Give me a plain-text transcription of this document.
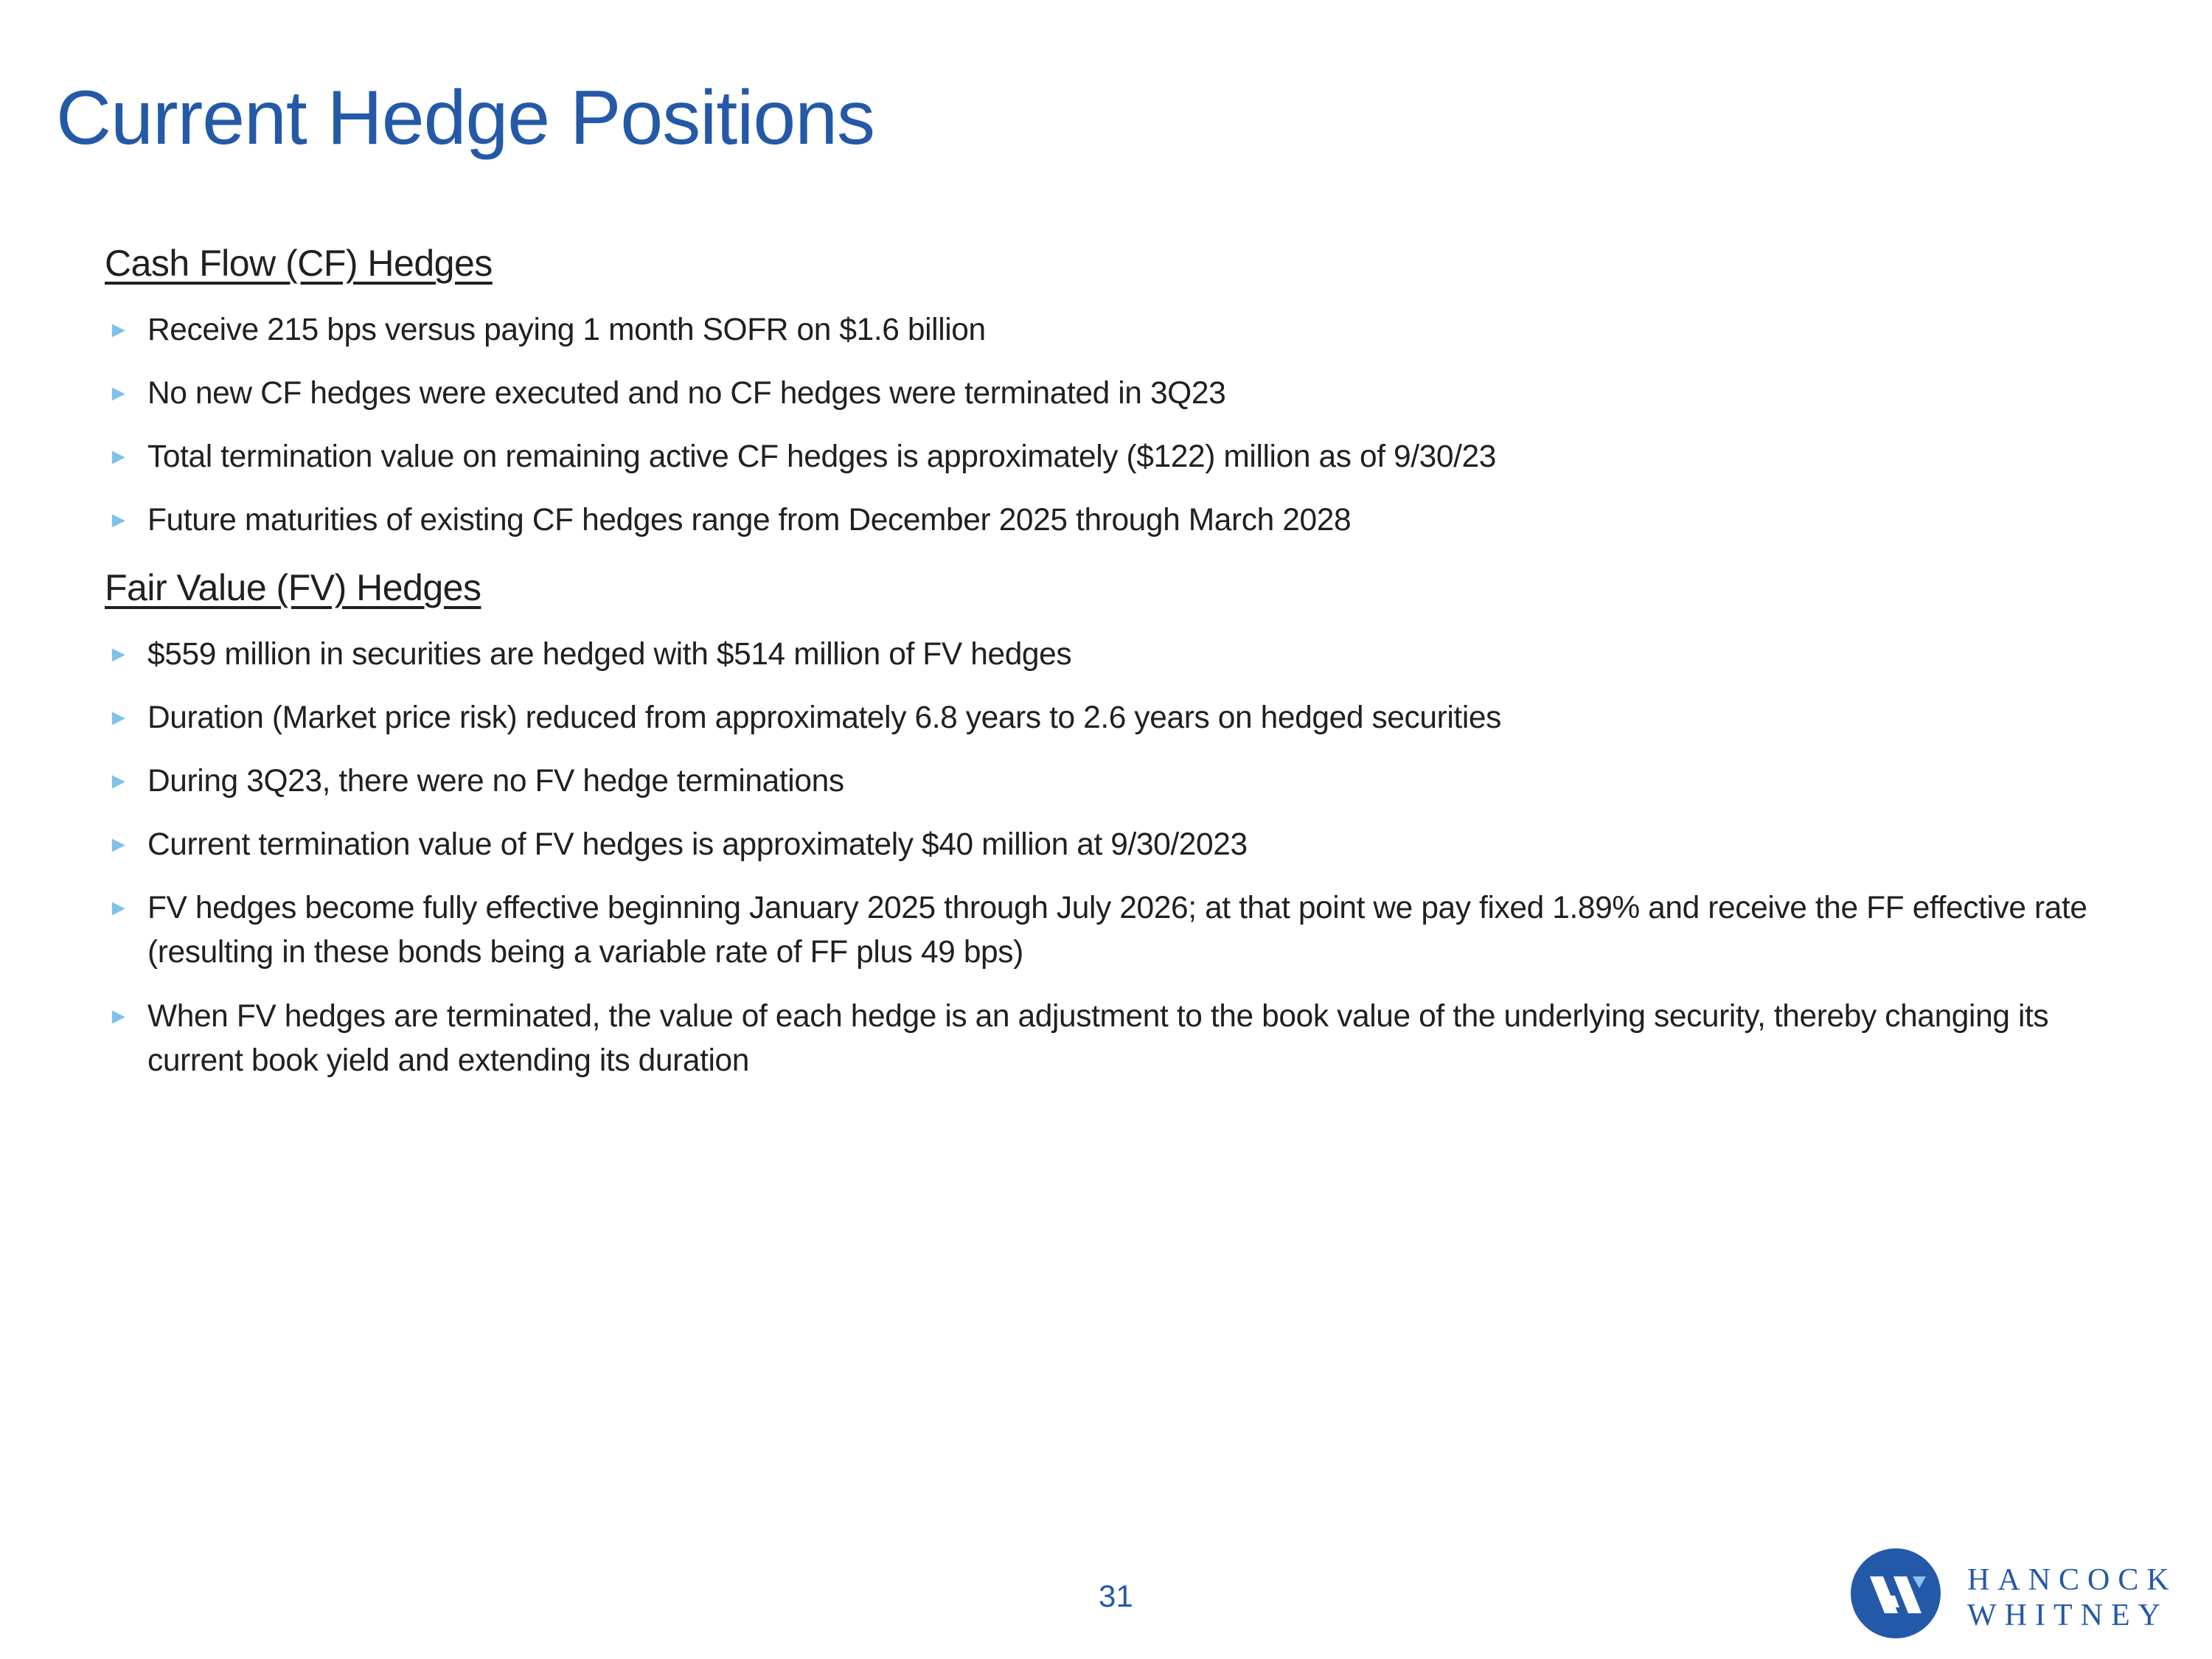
Current Hedge Positions
Cash Flow (CF) Hedges
► Receive 215 bps versus paying 1 month SOFR on $1.6 billion
► No new CF hedges were executed and no CF hedges were terminated in 3Q23
► Total termination value on remaining active CF hedges is approximately ($122) million as of 9/30/23
► Future maturities of existing CF hedges range from December 2025 through March 2028
Fair Value (FV) Hedges
► $559 million in securities are hedged with $514 million of FV hedges
► Duration (Market price risk) reduced from approximately 6.8 years to 2.6 years on hedged securities
► During 3Q23, there were no FV hedge terminations
► Current termination value of FV hedges is approximately $40 million at 9/30/2023
► FV hedges become fully effective beginning January 2025 through July 2026; at that point we pay fixed 1.89% and receive the FF effective rate (resulting in these bonds being a variable rate of FF plus 49 bps)
► When FV hedges are terminated, the value of each hedge is an adjustment to the book value of the underlying security, thereby changing its current book yield and extending its duration
31	HANCOCK
WHITNEY
